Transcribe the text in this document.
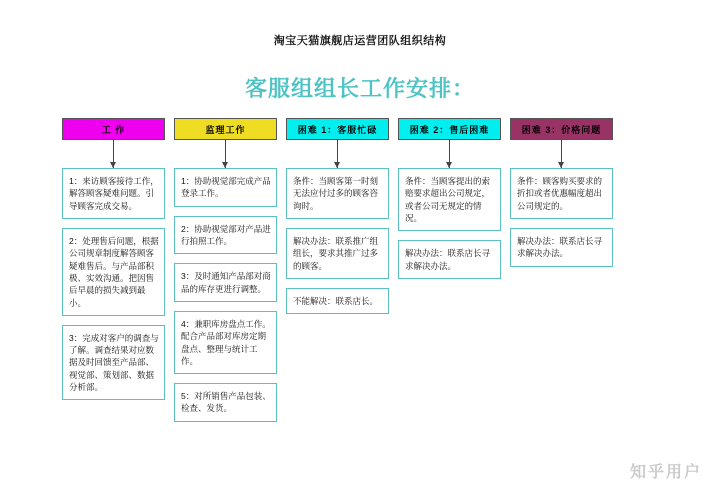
淘宝天猫旗舰店运营团队组织结构
客服组组长工作安排：
工 作
1：来访顾客接待工作，解答顾客疑难问题。引导顾客完成交易。
2：处理售后问题，根据公司规章制度解答顾客疑难售后。与产品部积极、实效沟通。把因售后早晨的损失减到最小。
3：完成对客户的调查与了解。调查结果对应数据及时回馈至产品部、视觉部、策划部、数据分析部。
监理工作
1：协助视觉部完成产品登录工作。
2：协助视觉部对产品进行拍照工作。
3：及时通知产品部对商品的库存更进行调整。
4：兼职库房盘点工作。配合产品部对库房定期盘点、整理与统计工作。
5：对所销售产品包装、检查、发货。
困难 1：客服忙碌
条件：当顾客第一时刻无法应付过多的顾客咨询时。
解决办法：联系推广组组长，要求其推广过多的顾客。
不能解决：联系店长。
困难 2：售后困难
条件：当顾客提出的索赔要求超出公司规定，或者公司无规定的情况。
解决办法：联系店长寻求解决办法。
困难 3：价格问题
条件：顾客购买要求的折扣或者优惠幅度超出公司规定的。
解决办法：联系店长寻求解决办法。
知乎用户
